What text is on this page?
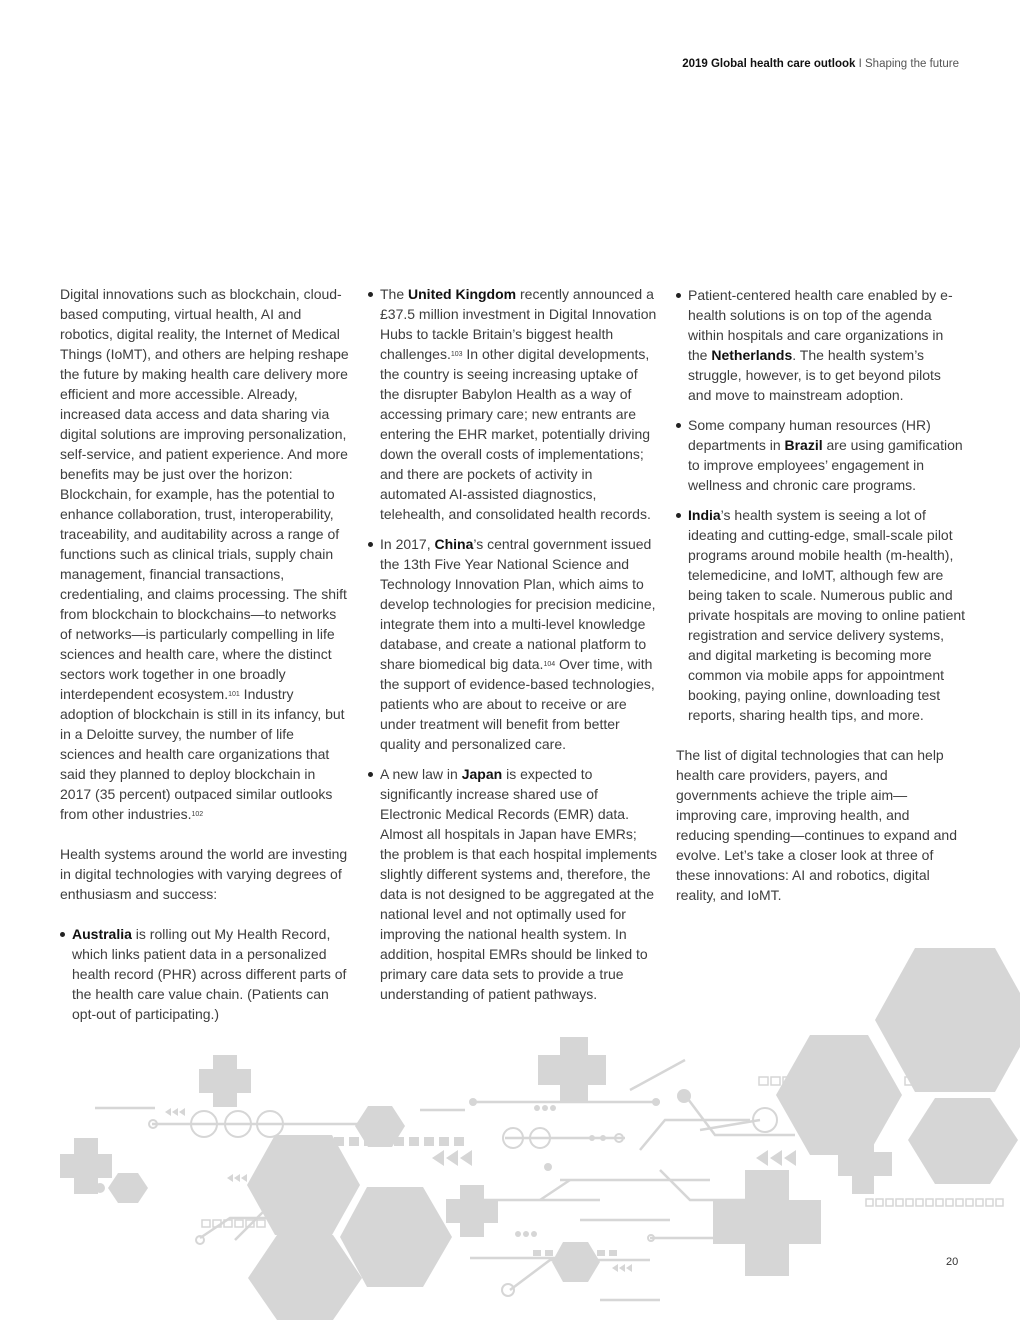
2019 Global health care outlook I Shaping the future

Digital innovations such as blockchain, cloud-based computing, virtual health, AI and robotics, digital reality, the Internet of Medical Things (IoMT), and others are helping reshape the future by making health care delivery more efficient and more accessible. Already, increased data access and data sharing via digital solutions are improving personalization, self-service, and patient experience. And more benefits may be just over the horizon: Blockchain, for example, has the potential to enhance collaboration, trust, interoperability, traceability, and auditability across a range of functions such as clinical trials, supply chain management, financial transactions, credentialing, and claims processing. The shift from blockchain to blockchains—to networks of networks—is particularly compelling in life sciences and health care, where the distinct sectors work together in one broadly interdependent ecosystem.$^{101}$ Industry adoption of blockchain is still in its infancy, but in a Deloitte survey, the number of life sciences and health care organizations that said they planned to deploy blockchain in 2017 (35 percent) outpaced similar outlooks from other industries.$^{102}$

Health systems around the world are investing in digital technologies with varying degrees of enthusiasm and success:

Australia is rolling out My Health Record, which links patient data in a personalized health record (PHR) across different parts of the health care value chain. (Patients can opt-out of participating.)
The United Kingdom recently announced a £37.5 million investment in Digital Innovation Hubs to tackle Britain’s biggest health challenges.$^{103}$ In other digital developments, the country is seeing increasing uptake of the disrupter Babylon Health as a way of accessing primary care; new entrants are entering the EHR market, potentially driving down the overall costs of implementations; and there are pockets of activity in automated AI-assisted diagnostics, telehealth, and consolidated health records.
In 2017, China’s central government issued the 13th Five Year National Science and Technology Innovation Plan, which aims to develop technologies for precision medicine, integrate them into a multi-level knowledge database, and create a national platform to share biomedical big data.$^{104}$ Over time, with the support of evidence-based technologies, patients who are about to receive or are under treatment will benefit from better quality and personalized care.
A new law in Japan is expected to significantly increase shared use of Electronic Medical Records (EMR) data. Almost all hospitals in Japan have EMRs; the problem is that each hospital implements slightly different systems and, therefore, the data is not designed to be aggregated at the national level and not optimally used for improving the national health system. In addition, hospital EMRs should be linked to primary care data sets to provide a true understanding of patient pathways.
Patient-centered health care enabled by e-health solutions is on top of the agenda within hospitals and care organizations in the Netherlands. The health system’s struggle, however, is to get beyond pilots and move to mainstream adoption.
Some company human resources (HR) departments in Brazil are using gamification to improve employees’ engagement in wellness and chronic care programs.
India’s health system is seeing a lot of ideating and cutting-edge, small-scale pilot programs around mobile health (m-health), telemedicine, and IoMT, although few are being taken to scale. Numerous public and private hospitals are moving to online patient registration and service delivery systems, and digital marketing is becoming more common via mobile apps for appointment booking, paying online, downloading test reports, sharing health tips, and more.

The list of digital technologies that can help health care providers, payers, and governments achieve the triple aim—improving care, improving health, and reducing spending—continues to expand and evolve. Let’s take a closer look at three of these innovations: AI and robotics, digital reality, and IoMT.

20
